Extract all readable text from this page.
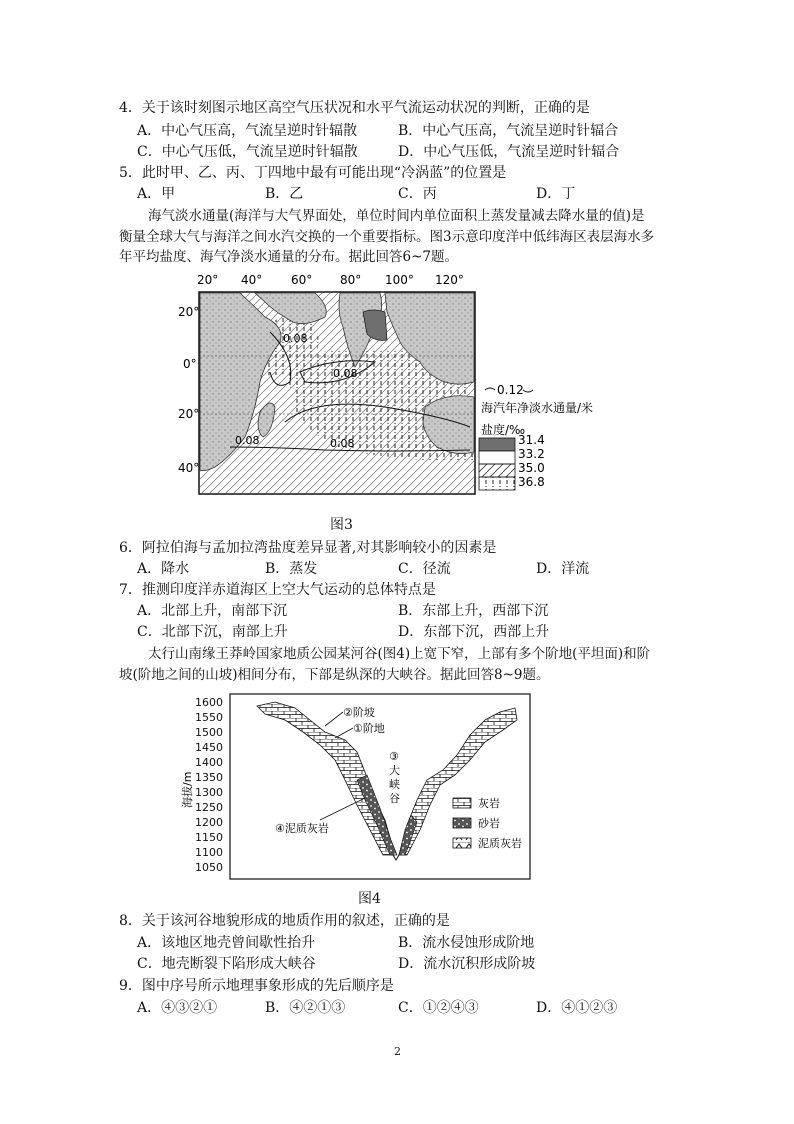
4．关于该时刻图示地区高空气压状况和水平气流运动状况的判断，正确的是
A．中心气压高，气流呈逆时针辐散	B．中心气压高，气流呈逆时针辐合
C．中心气压低，气流呈逆时针辐散	D．中心气压低，气流呈逆时针辐合
5．此时甲、乙、丙、丁四地中最有可能出现“冷涡蓝”的位置是
A．甲	B．乙	C．丙	D．丁
海气淡水通量(海洋与大气界面处，单位时间内单位面积上蒸发量减去降水量的值)是
衡量全球大气与海洋之间水汽交换的一个重要指标。图3示意印度洋中低纬海区表层海水多
年平均盐度、海气净淡水通量的分布。据此回答6~7题。
20° 40° 60° 80° 100° 120°
20°
0°
20°
40°
0.08
0.08
0.08	0.08
0.12
海汽年净淡水通量/米
盐度/‰
31.4
33.2
35.0
36.8
图3
6．阿拉伯海与孟加拉湾盐度差异显著,对其影响较小的因素是
A．降水	B．蒸发	C．径流	D．洋流
7．推测印度洋赤道海区上空大气运动的总体特点是
A．北部上升，南部下沉	B．东部上升，西部下沉
C．北部下沉，南部上升	D．东部下沉，西部上升
太行山南缘王莽岭国家地质公园某河谷(图4)上宽下窄，上部有多个阶地(平坦面)和阶
坡(阶地之间的山坡)相间分布，下部是纵深的大峡谷。据此回答8~9题。
1600
1550
1500
1450
1400
1350
1300
1250
1200
1150
1100
1050
海拔/m
②阶坡
①阶地
③
大
峡
谷
④泥质灰岩
灰岩
砂岩
泥质灰岩
图4
8．关于该河谷地貌形成的地质作用的叙述，正确的是
A．该地区地壳曾间歇性抬升	B．流水侵蚀形成阶地
C．地壳断裂下陷形成大峡谷	D．流水沉积形成阶坡
9．图中序号所示地理事象形成的先后顺序是
A．④③②①	B．④②①③	C．①②④③	D．④①②③
2
